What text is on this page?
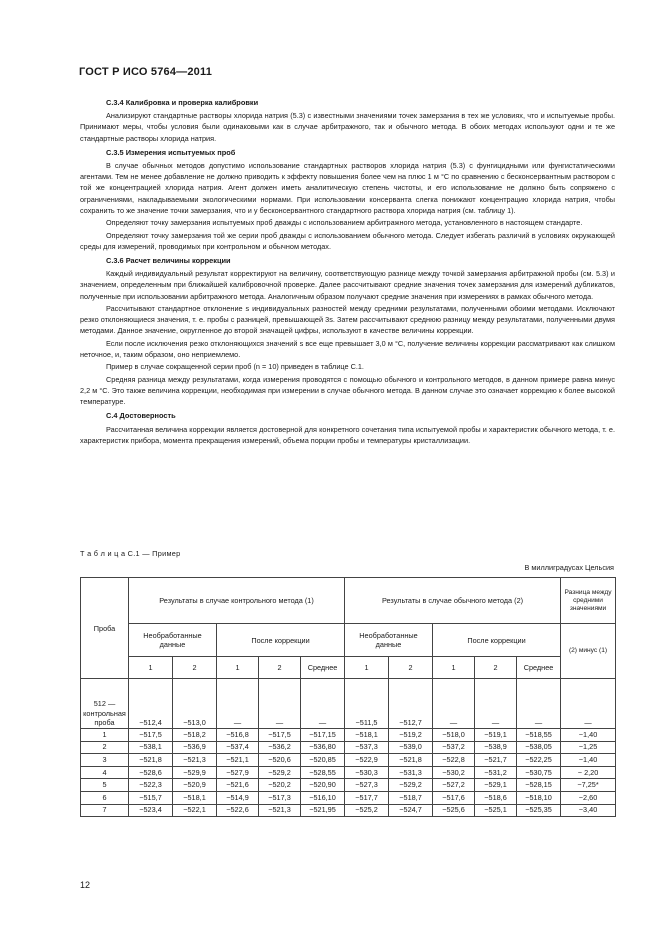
ГОСТ Р ИСО 5764—2011
С.3.4 Калибровка и проверка калибровки

Анализируют стандартные растворы хлорида натрия (5.3) с известными значениями точек замерзания в тех же условиях, что и испытуемые пробы. Принимают меры, чтобы условия были одинаковыми как в случае арбитражного, так и обычного метода. В обоих методах используют одни и те же стандартные растворы хлорида натрия.

С.3.5 Измерения испытуемых проб

В случае обычных методов допустимо использование стандартных растворов хлорида натрия (5.3) с фунгицидными или фунгистатическими агентами. Тем не менее добавление не должно приводить к эффекту повышения более чем на плюс 1 м °С по сравнению с бесконсервантным раствором с той же концентрацией хлорида натрия. Агент должен иметь аналитическую степень чистоты, и его использование не должно быть сопряжено с ограничениями, накладываемыми экологическими нормами. При использовании консерванта слегка понижают концентрацию хлорида натрия, чтобы сохранить то же значение точки замерзания, что и у бесконсервантного стандартного раствора хлорида натрия (см. таблицу 1).

Определяют точку замерзания испытуемых проб дважды с использованием арбитражного метода, установленного в настоящем стандарте.

Определяют точку замерзания той же серии проб дважды с использованием обычного метода. Следует избегать различий в условиях окружающей среды для измерений, проводимых при контрольном и обычном методах.

С.3.6 Расчет величины коррекции

Каждый индивидуальный результат корректируют на величину, соответствующую разнице между точкой замерзания арбитражной пробы (см. 5.3) и значением, определенным при ближайшей калибровочной проверке. Далее рассчитывают средние значения точек замерзания для измерений дубликатов, полученные при использовании арбитражного метода. Аналогичным образом получают средние значения при измерениях в рамках обычного метода.

Рассчитывают стандартное отклонение s индивидуальных разностей между средними результатами, полученными обоими методами. Исключают резко отклоняющиеся значения, т. е. пробы с разницей, превышающей 3s. Затем рассчитывают среднюю разницу между результатами, полученными двумя методами. Данное значение, округленное до второй значащей цифры, используют в качестве величины коррекции.

Если после исключения резко отклоняющихся значений s все еще превышает 3,0 м °С, получение величины коррекции рассматривают как слишком неточное, и, таким образом, оно неприемлемо.

Пример в случае сокращенной серии проб (n = 10) приведен в таблице С.1.

Средняя разница между результатами, когда измерения проводятся с помощью обычного и контрольного методов, в данном примере равна минус 2,2 м °С. Это также величина коррекции, необходимая при измерении в случае обычного метода. В данном случае это означает коррекцию к более высокой температуре.

С.4 Достоверность

Рассчитанная величина коррекции является достоверной для конкретного сочетания типа испытуемой пробы и характеристик обычного метода, т. е. характеристик прибора, момента прекращения измерений, объема порции пробы и температуры кристаллизации.

Т а б л и ц а С.1 — Пример
В миллиградусах Цельсия
Проба	Результаты в случае контрольного метода (1)					Результаты в случае обычного метода (2)					Разница между средними значениями
	Необработанные данные		После коррекции			Необработанные данные		После коррекции			(2) минус (1)
	1	2	1	2	Среднее	1	2	1	2	Среднее	
512 — контрольная проба	−512,4	−513,0	—	—	—	−511,5	−512,7	—	—	—	—
1	−517,5	−518,2	−516,8	−517,5	−517,15	−518,1	−519,2	−518,0	−519,1	−518,55	−1,40
2	−538,1	−536,9	−537,4	−536,2	−536,80	−537,3	−539,0	−537,2	−538,9	−538,05	−1,25
3	−521,8	−521,3	−521,1	−520,6	−520,85	−522,9	−521,8	−522,8	−521,7	−522,25	−1,40
4	−528,6	−529,9	−527,9	−529,2	−528,55	−530,3	−531,3	−530,2	−531,2	−530,75	− 2,20
5	−522,3	−520,9	−521,6	−520,2	−520,90	−527,3	−529,2	−527,2	−529,1	−528,15	−7,25*
6	−515,7	−518,1	−514,9	−517,3	−516,10	−517,7	−518,7	−517,6	−518,6	−518,10	−2,60
7	−523,4	−522,1	−522,6	−521,3	−521,95	−525,2	−524,7	−525,6	−525,1	−525,35	−3,40
12
